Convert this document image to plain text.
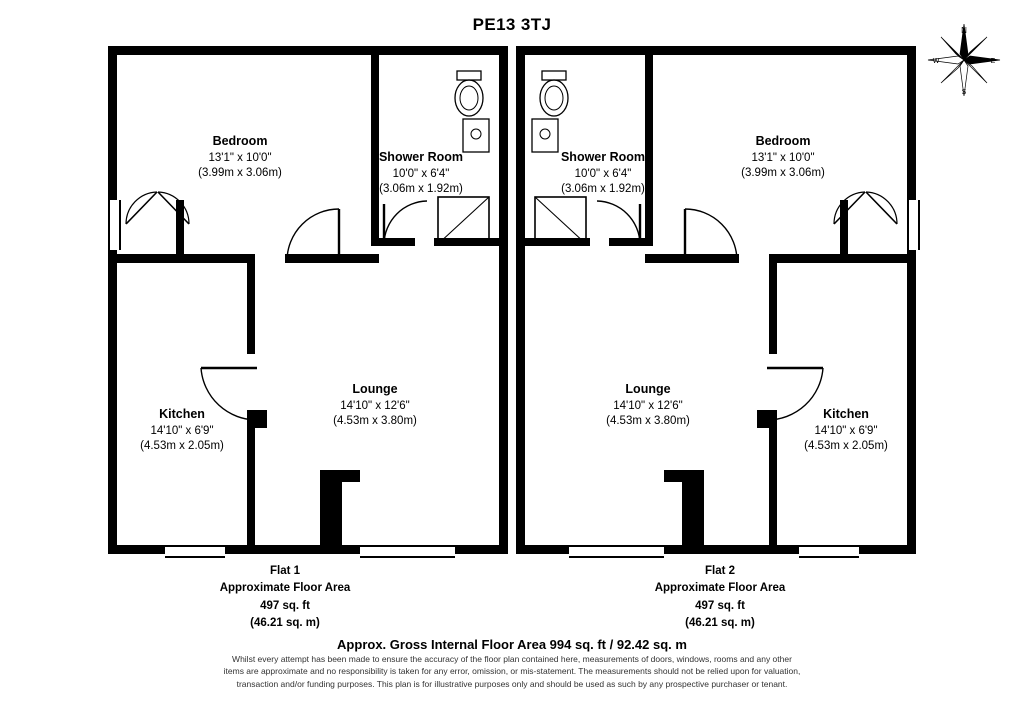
PE13 3TJ	N
S
E
W
Bedroom
13'1" x 10'0"
(3.99m x 3.06m)
Shower Room
10'0" x 6'4"
(3.06m x 1.92m)
Lounge
14'10" x 12'6"
(4.53m x 3.80m)
Kitchen
14'10" x 6'9"
(4.53m x 2.05m)
Flat 1
Approximate Floor Area
497 sq. ft
(46.21 sq. m)
Bedroom
13'1" x 10'0"
(3.99m x 3.06m)
Shower Room
10'0" x 6'4"
(3.06m x 1.92m)
Lounge
14'10" x 12'6"
(4.53m x 3.80m)	Kitchen
14'10" x 6'9"
(4.53m x 2.05m)
Flat 2
Approximate Floor Area
497 sq. ft
(46.21 sq. m)
Approx. Gross Internal Floor Area 994 sq. ft / 92.42 sq. m
Whilst every attempt has been made to ensure the accuracy of the floor plan contained here, measurements of doors, windows, rooms and any other items are approximate and no responsibility is taken for any error, omission, or mis-statement. The measurements should not be relied upon for valuation, transaction and/or funding purposes. This plan is for illustrative purposes only and should be used as such by any prospective purchaser or tenant.
